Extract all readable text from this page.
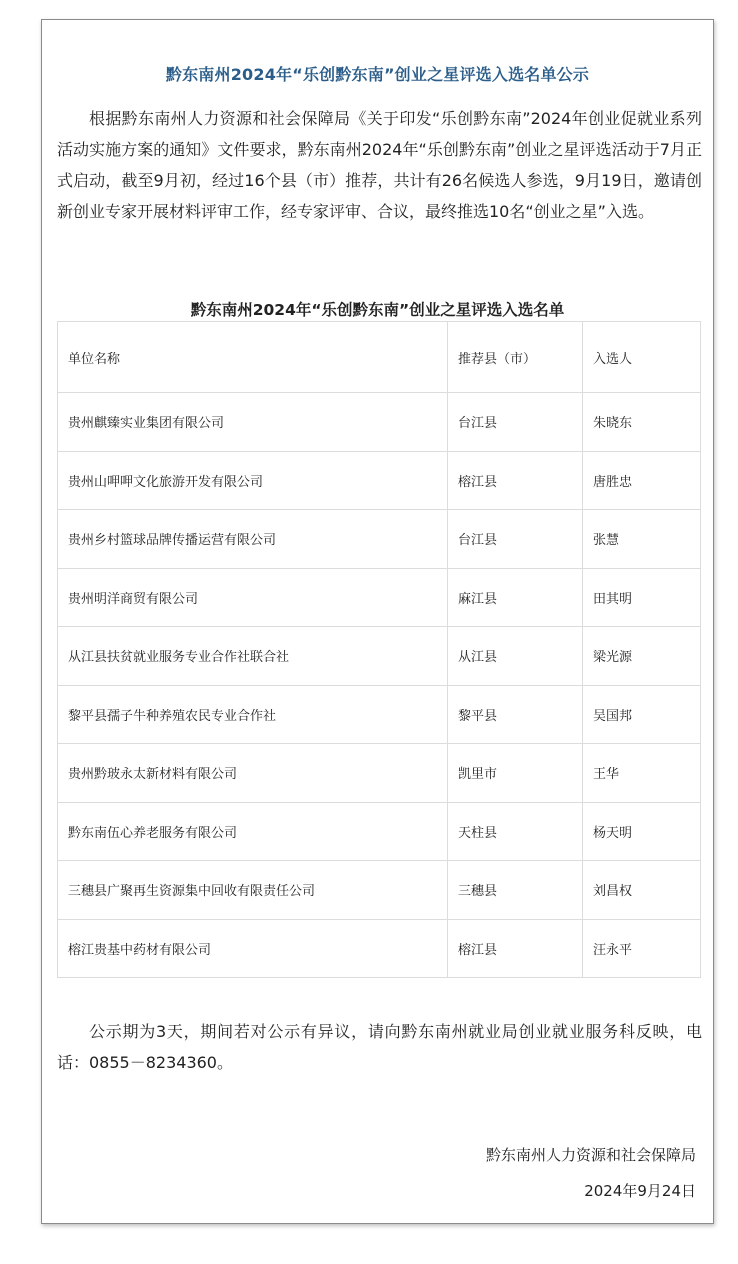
黔东南州2024年“乐创黔东南”创业之星评选入选名单公示
根据黔东南州人力资源和社会保障局《关于印发“乐创黔东南”2024年创业促就业系列活动实施方案的通知》文件要求，黔东南州2024年“乐创黔东南”创业之星评选活动于7月正式启动，截至9月初，经过16个县（市）推荐，共计有26名候选人参选，9月19日，邀请创新创业专家开展材料评审工作，经专家评审、合议，最终推选10名“创业之星”入选。
黔东南州2024年“乐创黔东南”创业之星评选入选名单
单位名称	推荐县（市）	入选人
贵州麒臻实业集团有限公司	台江县	朱晓东
贵州山呷呷文化旅游开发有限公司	榕江县	唐胜忠
贵州乡村篮球品牌传播运营有限公司	台江县	张慧
贵州明洋商贸有限公司	麻江县	田其明
从江县扶贫就业服务专业合作社联合社	从江县	梁光源
黎平县孺子牛种养殖农民专业合作社	黎平县	吴国邦
贵州黔玻永太新材料有限公司	凯里市	王华
黔东南伍心养老服务有限公司	天柱县	杨天明
三穗县广聚再生资源集中回收有限责任公司	三穗县	刘昌权
榕江贵基中药材有限公司	榕江县	汪永平
公示期为3天，期间若对公示有异议，请向黔东南州就业局创业就业服务科反映，电话：0855－8234360。
黔东南州人力资源和社会保障局
2024年9月24日
